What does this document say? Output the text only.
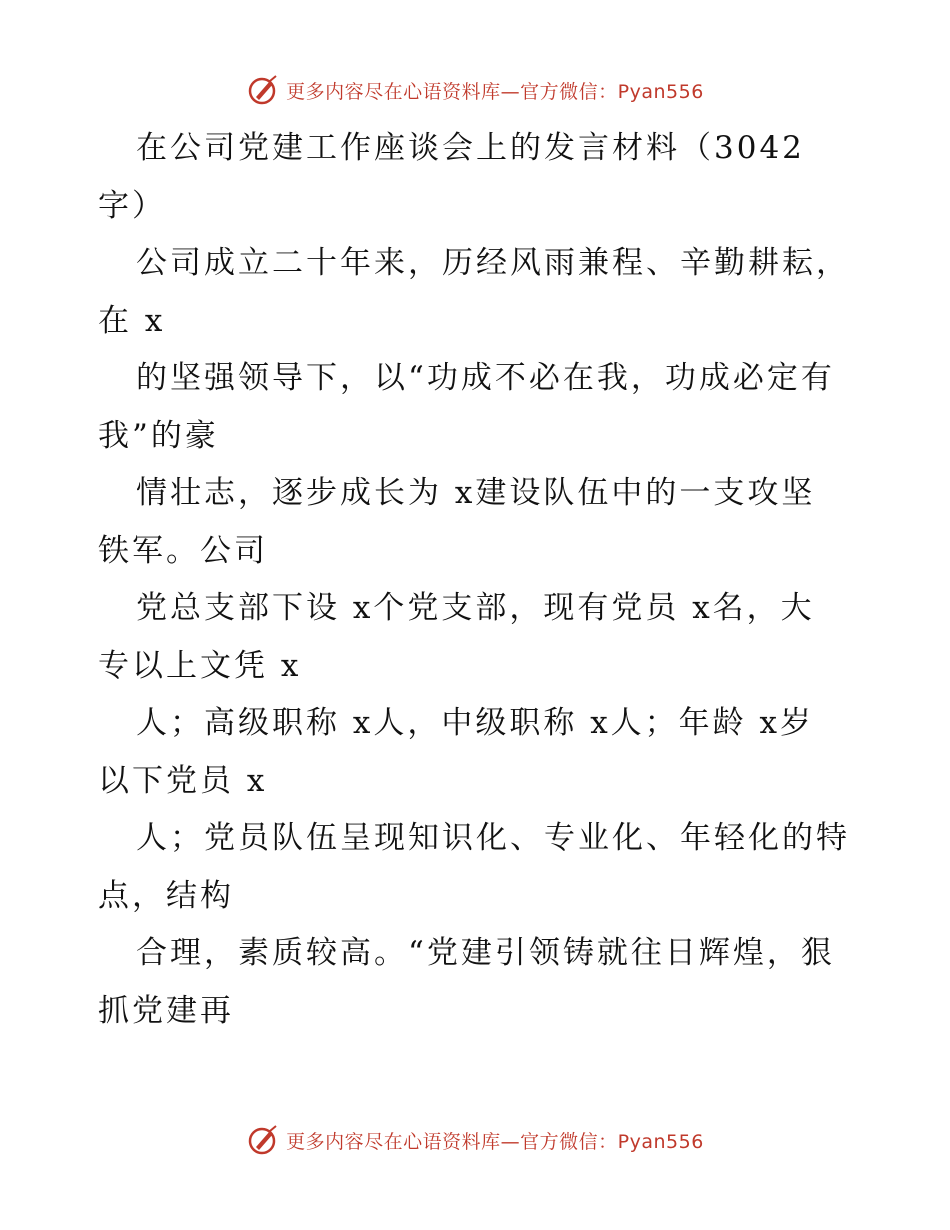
更多内容尽在心语资料库—官方微信：Pyan556
在公司党建工作座谈会上的发言材料（3042
字）
公司成立二十年来，历经风雨兼程、辛勤耕耘，
在 x
的坚强领导下，以“功成不必在我，功成必定有
我”的豪
情壮志，逐步成长为 x建设队伍中的一支攻坚
铁军。公司
党总支部下设 x个党支部，现有党员 x名，大
专以上文凭 x
人；高级职称 x人，中级职称 x人；年龄 x岁
以下党员 x
人；党员队伍呈现知识化、专业化、年轻化的特
点，结构
合理，素质较高。“党建引领铸就往日辉煌，狠
抓党建再
更多内容尽在心语资料库—官方微信：Pyan556
